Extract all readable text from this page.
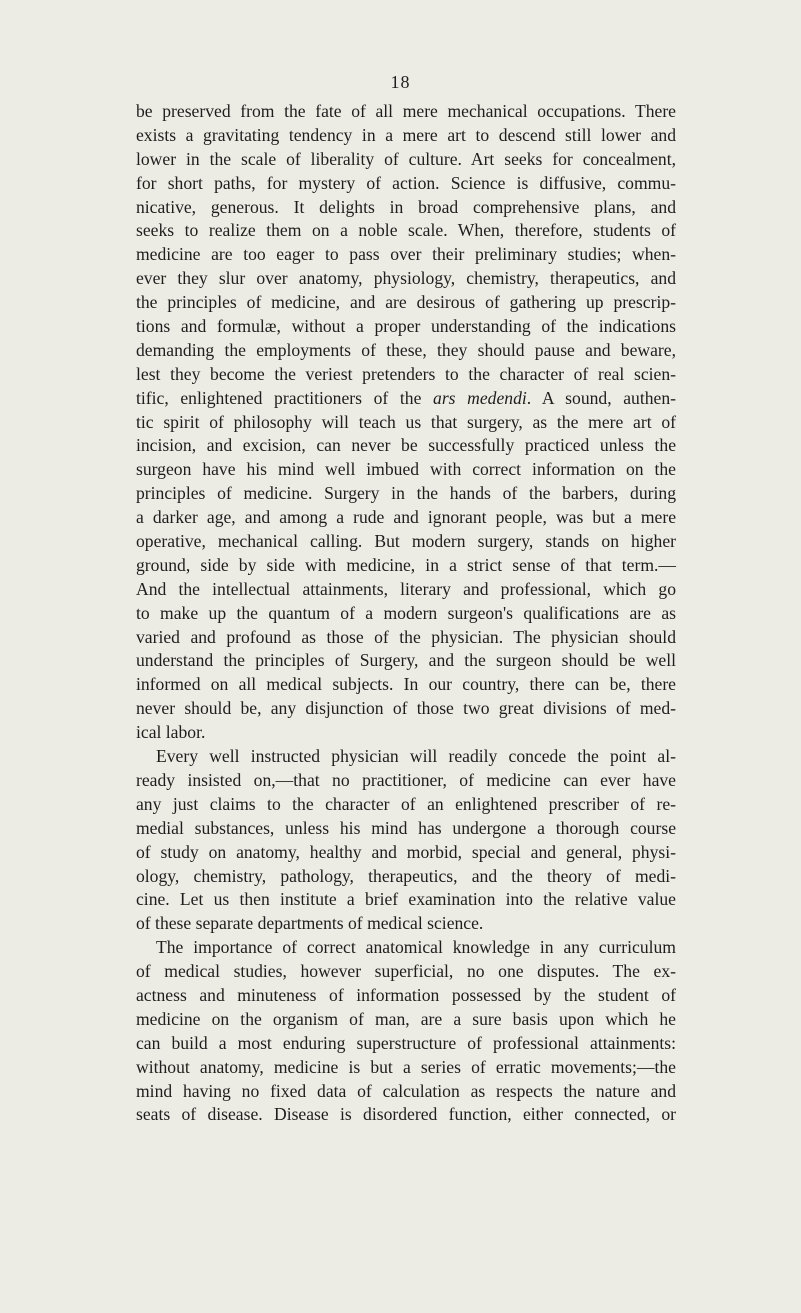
18
be preserved from the fate of all mere mechanical occupations. There
exists a gravitating tendency in a mere art to descend still lower and
lower in the scale of liberality of culture. Art seeks for concealment,
for short paths, for mystery of action. Science is diffusive, commu-
nicative, generous. It delights in broad comprehensive plans, and
seeks to realize them on a noble scale. When, therefore, students of
medicine are too eager to pass over their preliminary studies; when-
ever they slur over anatomy, physiology, chemistry, therapeutics, and
the principles of medicine, and are desirous of gathering up prescrip-
tions and formulæ, without a proper understanding of the indications
demanding the employments of these, they should pause and beware,
lest they become the veriest pretenders to the character of real scien-
tific, enlightened practitioners of the ars medendi. A sound, authen-
tic spirit of philosophy will teach us that surgery, as the mere art of
incision, and excision, can never be successfully practiced unless the
surgeon have his mind well imbued with correct information on the
principles of medicine. Surgery in the hands of the barbers, during
a darker age, and among a rude and ignorant people, was but a mere
operative, mechanical calling. But modern surgery, stands on higher
ground, side by side with medicine, in a strict sense of that term.—
And the intellectual attainments, literary and professional, which go
to make up the quantum of a modern surgeon's qualifications are as
varied and profound as those of the physician. The physician should
understand the principles of Surgery, and the surgeon should be well
informed on all medical subjects. In our country, there can be, there
never should be, any disjunction of those two great divisions of med-
ical labor.
Every well instructed physician will readily concede the point al-
ready insisted on,—that no practitioner, of medicine can ever have
any just claims to the character of an enlightened prescriber of re-
medial substances, unless his mind has undergone a thorough course
of study on anatomy, healthy and morbid, special and general, physi-
ology, chemistry, pathology, therapeutics, and the theory of medi-
cine. Let us then institute a brief examination into the relative value
of these separate departments of medical science.
The importance of correct anatomical knowledge in any curriculum
of medical studies, however superficial, no one disputes. The ex-
actness and minuteness of information possessed by the student of
medicine on the organism of man, are a sure basis upon which he
can build a most enduring superstructure of professional attainments:
without anatomy, medicine is but a series of erratic movements;—the
mind having no fixed data of calculation as respects the nature and
seats of disease. Disease is disordered function, either connected, or
